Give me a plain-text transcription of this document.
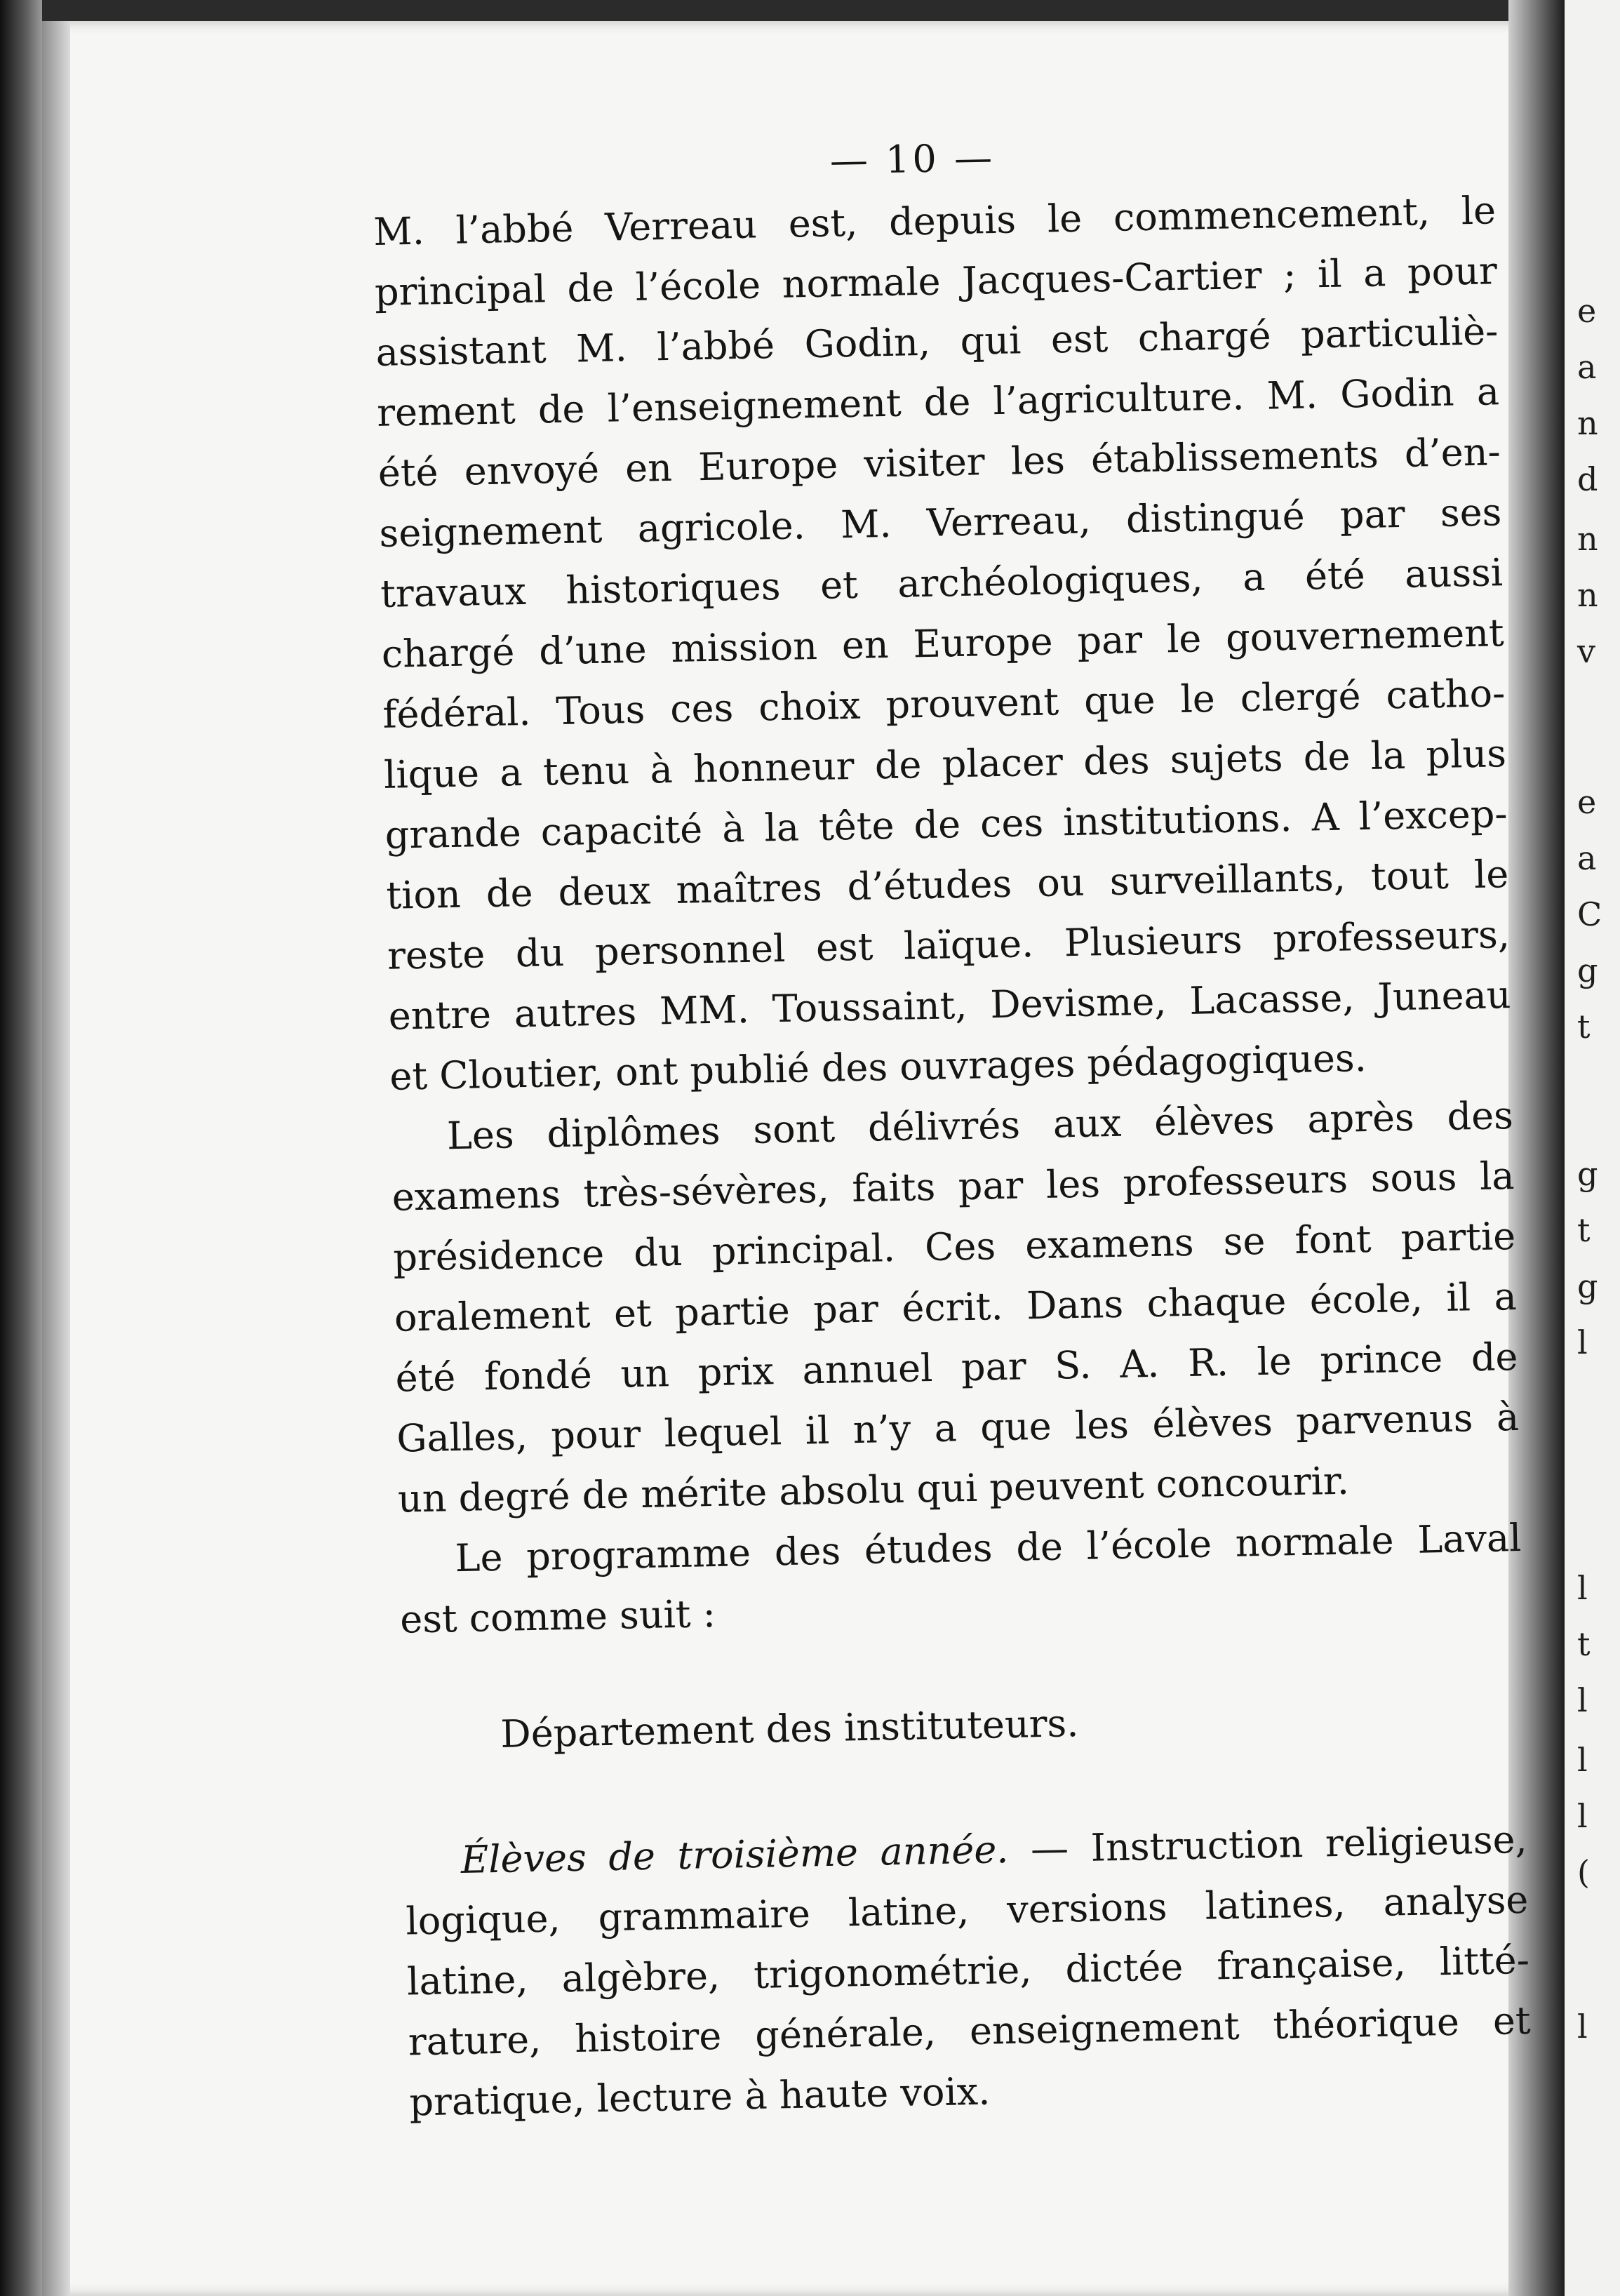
e
a
n
d
n
n
v
e
a
C
g
t
g
t
g
l
l
t
l
l
l
(
l
— 10 —
M. l’abbé Verreau est, depuis le commencement, le
principal de l’école normale Jacques-Cartier ; il a pour
assistant M. l’abbé Godin, qui est chargé particuliè-
rement de l’enseignement de l’agriculture. M. Godin a
été envoyé en Europe visiter les établissements d’en-
seignement agricole. M. Verreau, distingué par ses
travaux historiques et archéologiques, a été aussi
chargé d’une mission en Europe par le gouvernement
fédéral. Tous ces choix prouvent que le clergé catho-
lique a tenu à honneur de placer des sujets de la plus
grande capacité à la tête de ces institutions. A l’excep-
tion de deux maîtres d’études ou surveillants, tout le
reste du personnel est laïque. Plusieurs professeurs,
entre autres MM. Toussaint, Devisme, Lacasse, Juneau
et Cloutier, ont publié des ouvrages pédagogiques.
Les diplômes sont délivrés aux élèves après des
examens très-sévères, faits par les professeurs sous la
présidence du principal. Ces examens se font partie
oralement et partie par écrit. Dans chaque école, il a
été fondé un prix annuel par S. A. R. le prince de
Galles, pour lequel il n’y a que les élèves parvenus à
un degré de mérite absolu qui peuvent concourir.
Le programme des études de l’école normale Laval
est comme suit :
Département des instituteurs.
Élèves de troisième année. — Instruction religieuse,
logique, grammaire latine, versions latines, analyse
latine, algèbre, trigonométrie, dictée française, litté-
rature, histoire générale, enseignement théorique et
pratique, lecture à haute voix.
